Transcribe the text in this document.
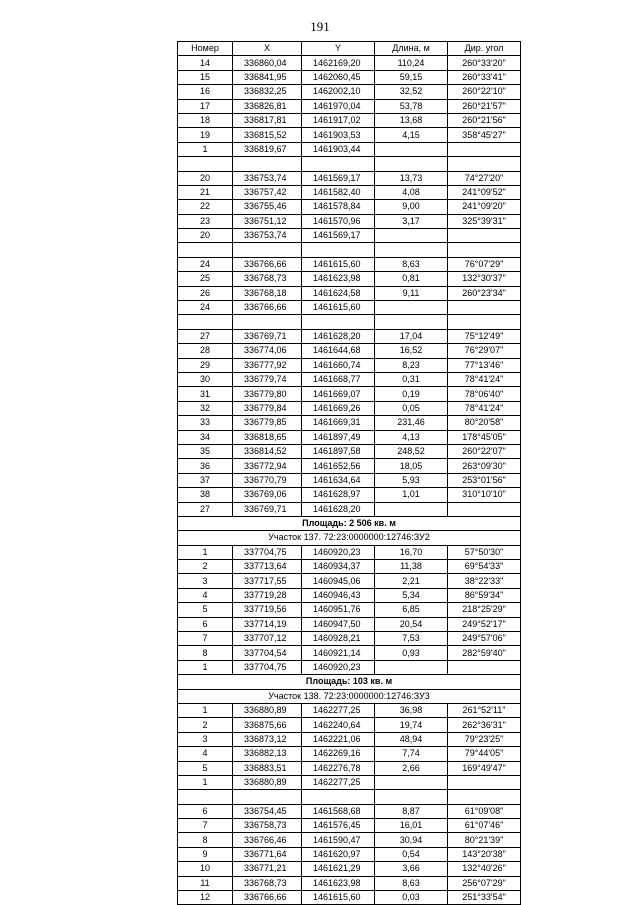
191
Номер	X	Y	Длина, м	Дир. угол
14	336860,04	1462169,20	110,24	260°33'20"
15	336841,95	1462060,45	59,15	260°33'41"
16	336832,25	1462002,10	32,52	260°22'10"
17	336826,81	1461970,04	53,78	260°21'57"
18	336817,81	1461917,02	13,68	260°21'56"
19	336815,52	1461903,53	4,15	358°45'27"
1	336819,67	1461903,44		

20	336753,74	1461569,17	13,73	74°27'20"
21	336757,42	1461582,40	4,08	241°09'52"
22	336755,46	1461578,84	9,00	241°09'20"
23	336751,12	1461570,96	3,17	325°39'31"
20	336753,74	1461569,17		

24	336766,66	1461615,60	8,63	76°07'29"
25	336768,73	1461623,98	0,81	132°30'37"
26	336768,18	1461624,58	9,11	260°23'34"
24	336766,66	1461615,60		

27	336769,71	1461628,20	17,04	75°12'49"
28	336774,06	1461644,68	16,52	76°29'07"
29	336777,92	1461660,74	8,23	77°13'46"
30	336779,74	1461668,77	0,31	78°41'24"
31	336779,80	1461669,07	0,19	78°06'40"
32	336779,84	1461669,26	0,05	78°41'24"
33	336779,85	1461669,31	231,46	80°20'58"
34	336818,65	1461897,49	4,13	178°45'05"
35	336814,52	1461897,58	248,52	260°22'07"
36	336772,94	1461652,56	18,05	263°09'30"
37	336770,79	1461634,64	5,93	253°01'56"
38	336769,06	1461628,97	1,01	310°10'10"
27	336769,71	1461628,20		
Площадь: 2 506 кв. м				
Участок 137. 72:23:0000000:12746:ЗУ2				
1	337704,75	1460920,23	16,70	57°50'30"
2	337713,64	1460934,37	11,38	69°54'33"
3	337717,55	1460945,06	2,21	38°22'33"
4	337719,28	1460946,43	5,34	86°59'34"
5	337719,56	1460951,76	6,85	218°25'29"
6	337714,19	1460947,50	20,54	249°52'17"
7	337707,12	1460928,21	7,53	249°57'06"
8	337704,54	1460921,14	0,93	282°59'40"
1	337704,75	1460920,23		
Площадь: 103 кв. м				
Участок 138. 72:23:0000000:12746:ЗУ3				
1	336880,89	1462277,25	36,98	261°52'11"
2	336875,66	1462240,64	19,74	262°36'31"
3	336873,12	1462221,06	48,94	79°23'25"
4	336882,13	1462269,16	7,74	79°44'05"
5	336883,51	1462276,78	2,66	169°49'47"
1	336880,89	1462277,25		

6	336754,45	1461568,68	8,87	61°09'08"
7	336758,73	1461576,45	16,01	61°07'46"
8	336766,46	1461590,47	30,94	80°21'39"
9	336771,64	1461620,97	0,54	143°20'38"
10	336771,21	1461621,29	3,66	132°40'26"
11	336768,73	1461623,98	8,63	256°07'29"
12	336766,66	1461615,60	0,03	251°33'54"
